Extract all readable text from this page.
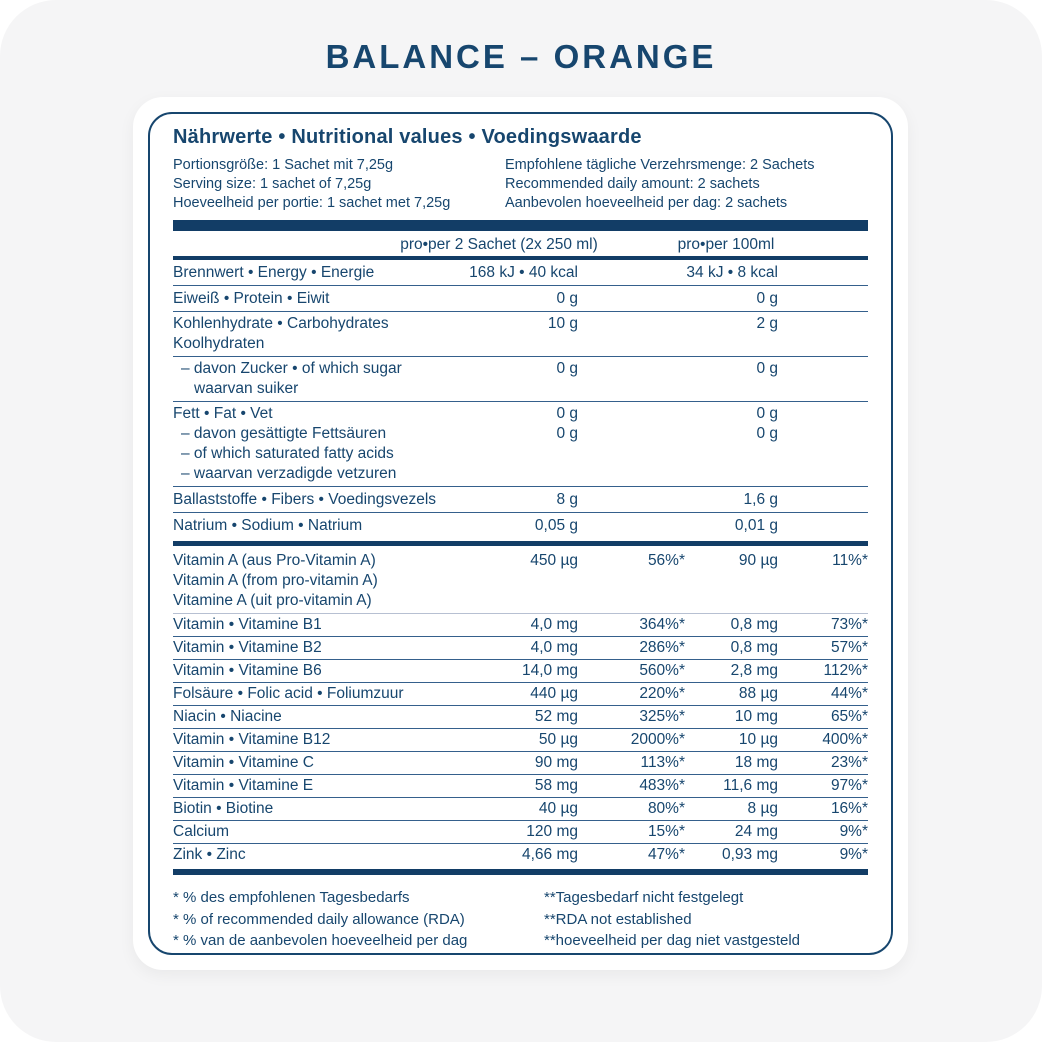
BALANCE – ORANGE
Nährwerte • Nutritional values • Voedingswaarde
Portionsgröße: 1 Sachet mit 7,25g
Serving size: 1 sachet of 7,25g
Hoeveelheid per portie: 1 sachet met 7,25g
Empfohlene tägliche Verzehrsmenge: 2 Sachets
Recommended daily amount: 2 sachets
Aanbevolen hoeveelheid per dag: 2 sachets
pro•per 2 Sachet (2x 250 ml)	pro•per 100ml
Brennwert • Energy • Energie	168 kJ • 40 kcal	34 kJ • 8 kcal
Eiweiß • Protein • Eiwit	0 g	0 g
Kohlenhydrate • Carbohydrates	10 g	2 g
Koolhydraten
– davon Zucker • of which sugar	0 g	0 g
waarvan suiker
Fett • Fat • Vet	0 g	0 g
– davon gesättigte Fettsäuren	0 g	0 g
– of which saturated fatty acids
– waarvan verzadigde vetzuren
Ballaststoffe • Fibers • Voedingsvezels	8 g	1,6 g
Natrium • Sodium • Natrium	0,05 g	0,01 g
Vitamin A (aus Pro-Vitamin A)	450 µg	56%*	90 µg	11%*
Vitamin A (from pro-vitamin A)
Vitamine A (uit pro-vitamin A)
Vitamin • Vitamine B1	4,0 mg	364%*	0,8 mg	73%*
Vitamin • Vitamine B2	4,0 mg	286%*	0,8 mg	57%*
Vitamin • Vitamine B6	14,0 mg	560%*	2,8 mg	112%*
Folsäure • Folic acid • Foliumzuur	440 µg	220%*	88 µg	44%*
Niacin • Niacine	52 mg	325%*	10 mg	65%*
Vitamin • Vitamine B12	50 µg	2000%*	10 µg	400%*
Vitamin • Vitamine C	90 mg	113%*	18 mg	23%*
Vitamin • Vitamine E	58 mg	483%*	11,6 mg	97%*
Biotin • Biotine	40 µg	80%*	8 µg	16%*
Calcium	120 mg	15%*	24 mg	9%*
Zink • Zinc	4,66 mg	47%*	0,93 mg	9%*
* % des empfohlenen Tagesbedarfs
* % of recommended daily allowance (RDA)
* % van de aanbevolen hoeveelheid per dag
**Tagesbedarf nicht festgelegt
**RDA not established
**hoeveelheid per dag niet vastgesteld
